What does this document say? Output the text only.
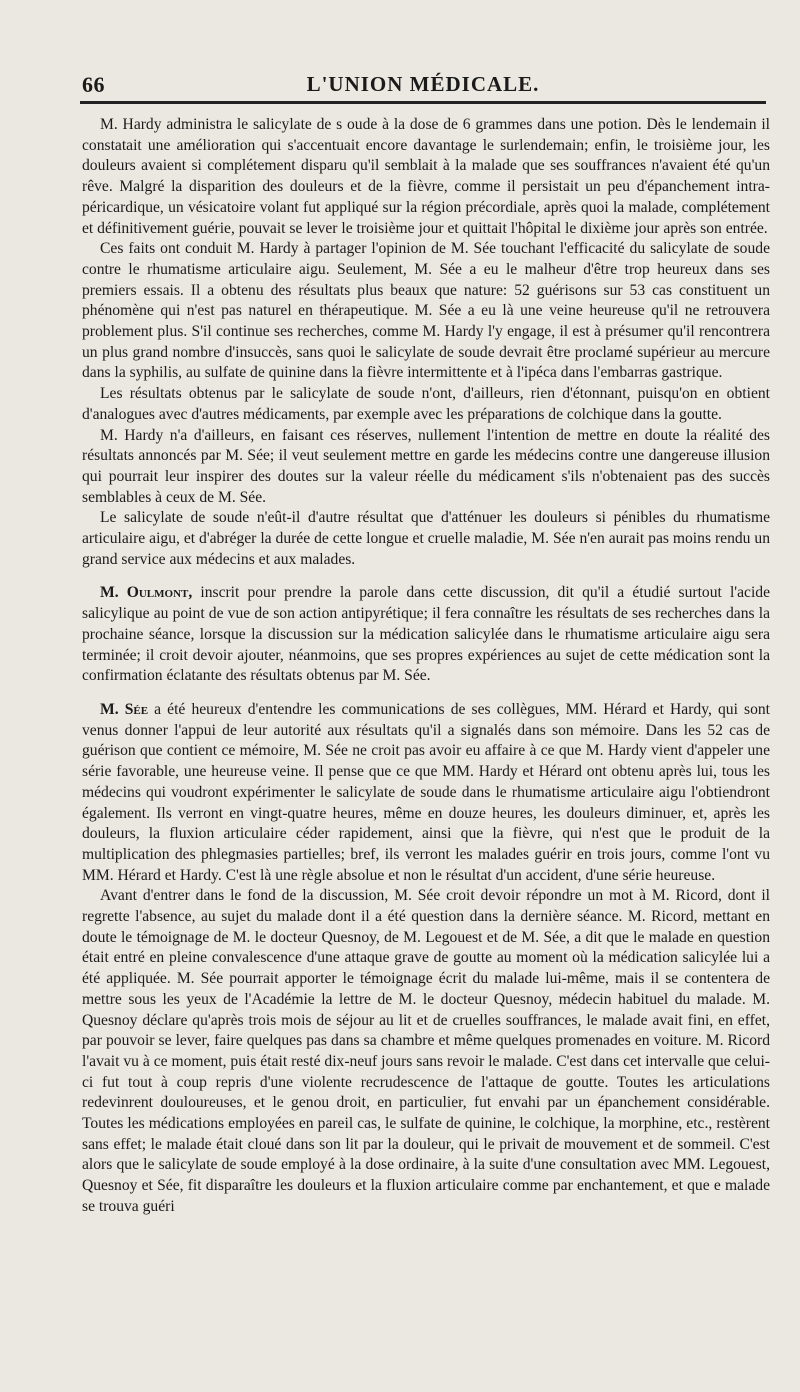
66	L'UNION MÉDICALE.

M. Hardy administra le salicylate de s oude à la dose de 6 grammes dans une potion. Dès le lendemain il constatait une amélioration qui s'accentuait encore davantage le surlendemain; enfin, le troisième jour, les douleurs avaient si complétement disparu qu'il semblait à la malade que ses souffrances n'avaient été qu'un rêve. Malgré la disparition des douleurs et de la fièvre, comme il persistait un peu d'épanchement intra-péricardique, un vésicatoire volant fut appliqué sur la région précordiale, après quoi la malade, complétement et définitivement guérie, pouvait se lever le troisième jour et quittait l'hôpital le dixième jour après son entrée.

Ces faits ont conduit M. Hardy à partager l'opinion de M. Sée touchant l'efficacité du salicylate de soude contre le rhumatisme articulaire aigu. Seulement, M. Sée a eu le malheur d'être trop heureux dans ses premiers essais. Il a obtenu des résultats plus beaux que nature: 52 guérisons sur 53 cas constituent un phénomène qui n'est pas naturel en thérapeutique. M. Sée a eu là une veine heureuse qu'il ne retrouvera problement plus. S'il continue ses recherches, comme M. Hardy l'y engage, il est à présumer qu'il rencontrera un plus grand nombre d'insuccès, sans quoi le salicylate de soude devrait être proclamé supérieur au mercure dans la syphilis, au sulfate de quinine dans la fièvre intermittente et à l'ipéca dans l'embarras gastrique.

Les résultats obtenus par le salicylate de soude n'ont, d'ailleurs, rien d'étonnant, puisqu'on en obtient d'analogues avec d'autres médicaments, par exemple avec les préparations de colchique dans la goutte.

M. Hardy n'a d'ailleurs, en faisant ces réserves, nullement l'intention de mettre en doute la réalité des résultats annoncés par M. Sée; il veut seulement mettre en garde les médecins contre une dangereuse illusion qui pourrait leur inspirer des doutes sur la valeur réelle du médicament s'ils n'obtenaient pas des succès semblables à ceux de M. Sée.

Le salicylate de soude n'eût-il d'autre résultat que d'atténuer les douleurs si pénibles du rhumatisme articulaire aigu, et d'abréger la durée de cette longue et cruelle maladie, M. Sée n'en aurait pas moins rendu un grand service aux médecins et aux malades.

M. Oulmont, inscrit pour prendre la parole dans cette discussion, dit qu'il a étudié surtout l'acide salicylique au point de vue de son action antipyrétique; il fera connaître les résultats de ses recherches dans la prochaine séance, lorsque la discussion sur la médication salicylée dans le rhumatisme articulaire aigu sera terminée; il croit devoir ajouter, néanmoins, que ses propres expériences au sujet de cette médication sont la confirmation éclatante des résultats obtenus par M. Sée.

M. Sée a été heureux d'entendre les communications de ses collègues, MM. Hérard et Hardy, qui sont venus donner l'appui de leur autorité aux résultats qu'il a signalés dans son mémoire. Dans les 52 cas de guérison que contient ce mémoire, M. Sée ne croit pas avoir eu affaire à ce que M. Hardy vient d'appeler une série favorable, une heureuse veine. Il pense que ce que MM. Hardy et Hérard ont obtenu après lui, tous les médecins qui voudront expérimenter le salicylate de soude dans le rhumatisme articulaire aigu l'obtiendront également. Ils verront en vingt-quatre heures, même en douze heures, les douleurs diminuer, et, après les douleurs, la fluxion articulaire céder rapidement, ainsi que la fièvre, qui n'est que le produit de la multiplication des phlegmasies partielles; bref, ils verront les malades guérir en trois jours, comme l'ont vu MM. Hérard et Hardy. C'est là une règle absolue et non le résultat d'un accident, d'une série heureuse.

Avant d'entrer dans le fond de la discussion, M. Sée croit devoir répondre un mot à M. Ricord, dont il regrette l'absence, au sujet du malade dont il a été question dans la dernière séance. M. Ricord, mettant en doute le témoignage de M. le docteur Quesnoy, de M. Legouest et de M. Sée, a dit que le malade en question était entré en pleine convalescence d'une attaque grave de goutte au moment où la médication salicylée lui a été appliquée. M. Sée pourrait apporter le témoignage écrit du malade lui-même, mais il se contentera de mettre sous les yeux de l'Académie la lettre de M. le docteur Quesnoy, médecin habituel du malade. M. Quesnoy déclare qu'après trois mois de séjour au lit et de cruelles souffrances, le malade avait fini, en effet, par pouvoir se lever, faire quelques pas dans sa chambre et même quelques promenades en voiture. M. Ricord l'avait vu à ce moment, puis était resté dix-neuf jours sans revoir le malade. C'est dans cet intervalle que celui-ci fut tout à coup repris d'une violente recrudescence de l'attaque de goutte. Toutes les articulations redevinrent douloureuses, et le genou droit, en particulier, fut envahi par un épanchement considérable. Toutes les médications employées en pareil cas, le sulfate de quinine, le colchique, la morphine, etc., restèrent sans effet; le malade était cloué dans son lit par la douleur, qui le privait de mouvement et de sommeil. C'est alors que le salicylate de soude employé à la dose ordinaire, à la suite d'une consultation avec MM. Legouest, Quesnoy et Sée, fit disparaître les douleurs et la fluxion articulaire comme par enchantement, et que e malade se trouva guéri
